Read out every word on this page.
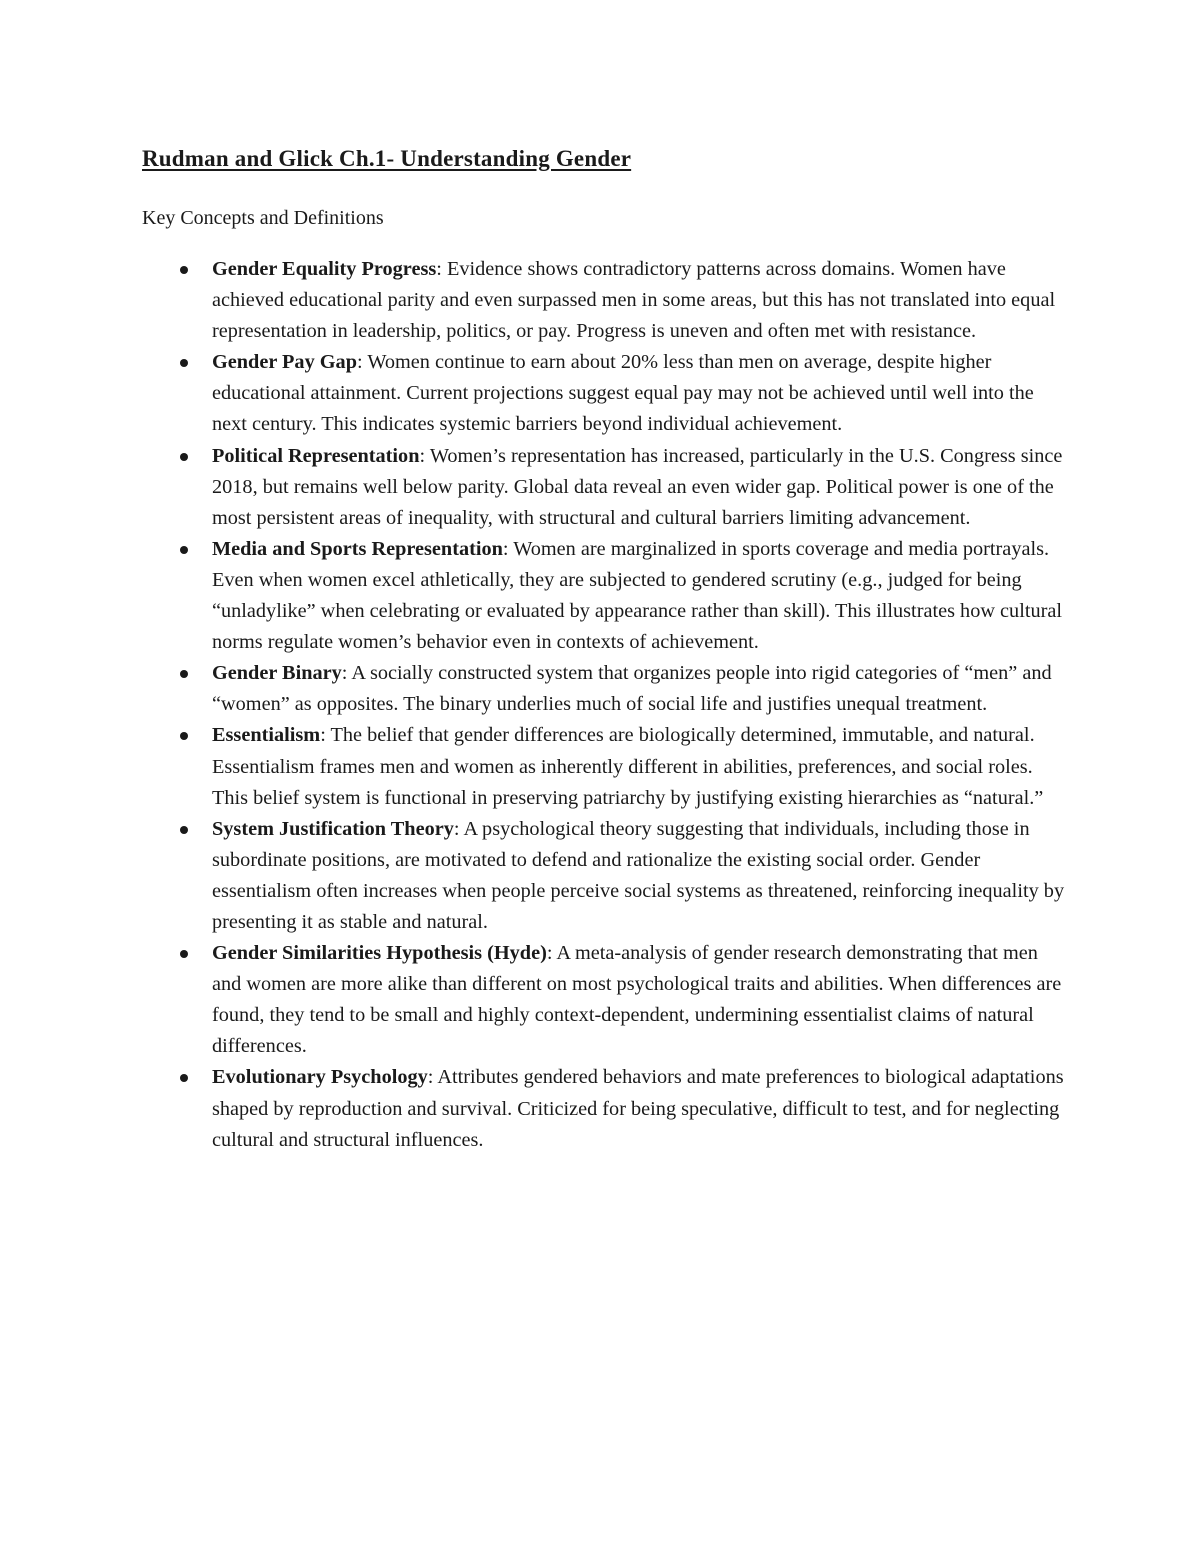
Rudman and Glick Ch.1- Understanding Gender
Key Concepts and Definitions
Gender Equality Progress: Evidence shows contradictory patterns across domains. Women have achieved educational parity and even surpassed men in some areas, but this has not translated into equal representation in leadership, politics, or pay. Progress is uneven and often met with resistance.
Gender Pay Gap: Women continue to earn about 20% less than men on average, despite higher educational attainment. Current projections suggest equal pay may not be achieved until well into the next century. This indicates systemic barriers beyond individual achievement.
Political Representation: Women’s representation has increased, particularly in the U.S. Congress since 2018, but remains well below parity. Global data reveal an even wider gap. Political power is one of the most persistent areas of inequality, with structural and cultural barriers limiting advancement.
Media and Sports Representation: Women are marginalized in sports coverage and media portrayals. Even when women excel athletically, they are subjected to gendered scrutiny (e.g., judged for being “unladylike” when celebrating or evaluated by appearance rather than skill). This illustrates how cultural norms regulate women’s behavior even in contexts of achievement.
Gender Binary: A socially constructed system that organizes people into rigid categories of “men” and “women” as opposites. The binary underlies much of social life and justifies unequal treatment.
Essentialism: The belief that gender differences are biologically determined, immutable, and natural. Essentialism frames men and women as inherently different in abilities, preferences, and social roles. This belief system is functional in preserving patriarchy by justifying existing hierarchies as “natural.”
System Justification Theory: A psychological theory suggesting that individuals, including those in subordinate positions, are motivated to defend and rationalize the existing social order. Gender essentialism often increases when people perceive social systems as threatened, reinforcing inequality by presenting it as stable and natural.
Gender Similarities Hypothesis (Hyde): A meta-analysis of gender research demonstrating that men and women are more alike than different on most psychological traits and abilities. When differences are found, they tend to be small and highly context-dependent, undermining essentialist claims of natural differences.
Evolutionary Psychology: Attributes gendered behaviors and mate preferences to biological adaptations shaped by reproduction and survival. Criticized for being speculative, difficult to test, and for neglecting cultural and structural influences.
